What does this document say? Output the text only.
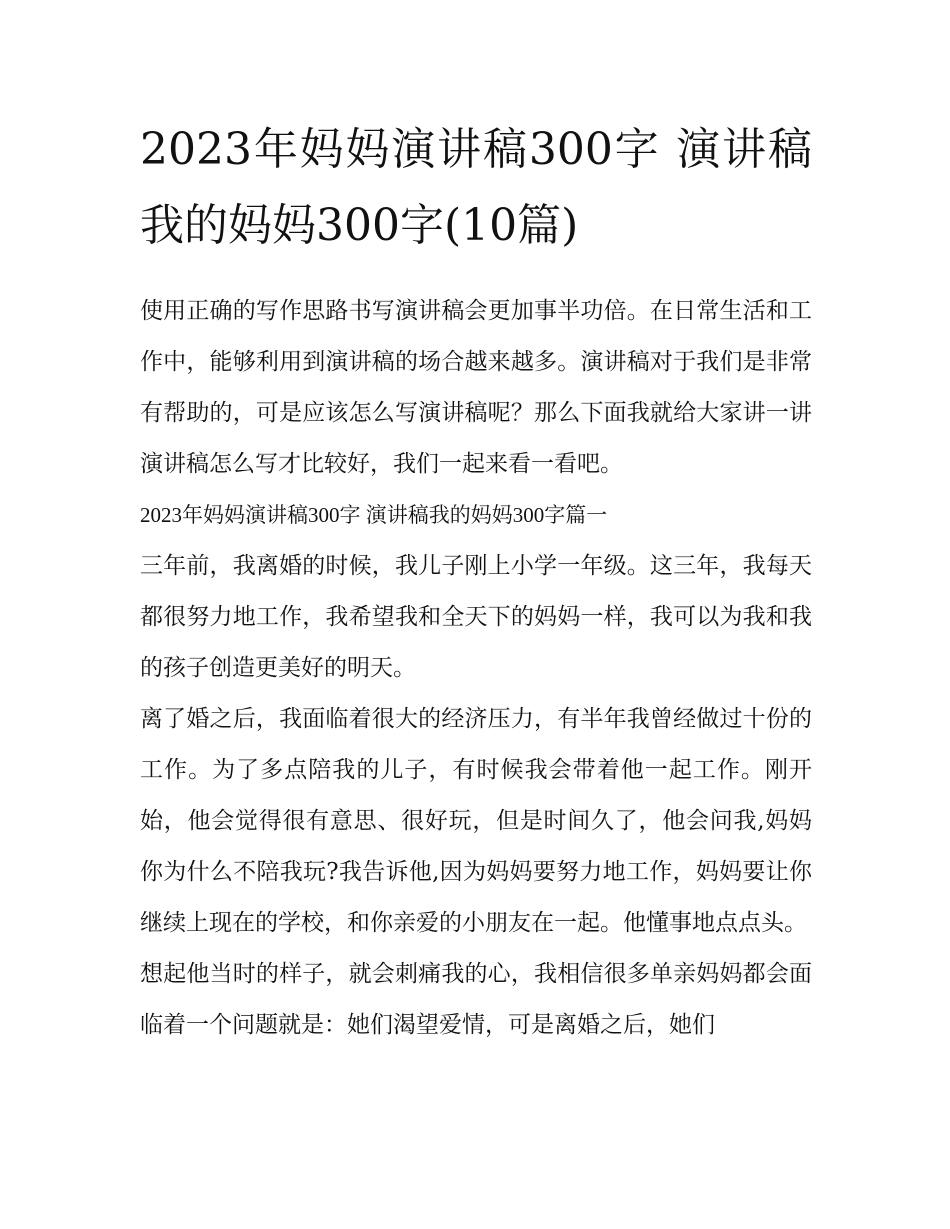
2023年妈妈演讲稿300字 演讲稿我的妈妈300字(10篇)

使用正确的写作思路书写演讲稿会更加事半功倍。在日常生活和工作中，能够利用到演讲稿的场合越来越多。演讲稿对于我们是非常有帮助的，可是应该怎么写演讲稿呢？那么下面我就给大家讲一讲演讲稿怎么写才比较好，我们一起来看一看吧。

2023年妈妈演讲稿300字 演讲稿我的妈妈300字篇一

三年前，我离婚的时候，我儿子刚上小学一年级。这三年，我每天都很努力地工作，我希望我和全天下的妈妈一样，我可以为我和我的孩子创造更美好的明天。

离了婚之后，我面临着很大的经济压力，有半年我曾经做过十份的工作。为了多点陪我的儿子，有时候我会带着他一起工作。刚开始，他会觉得很有意思、很好玩，但是时间久了，他会问我,妈妈你为什么不陪我玩?我告诉他,因为妈妈要努力地工作，妈妈要让你继续上现在的学校，和你亲爱的小朋友在一起。他懂事地点点头。

想起他当时的样子，就会刺痛我的心，我相信很多单亲妈妈都会面临着一个问题就是：她们渴望爱情，可是离婚之后，她们
